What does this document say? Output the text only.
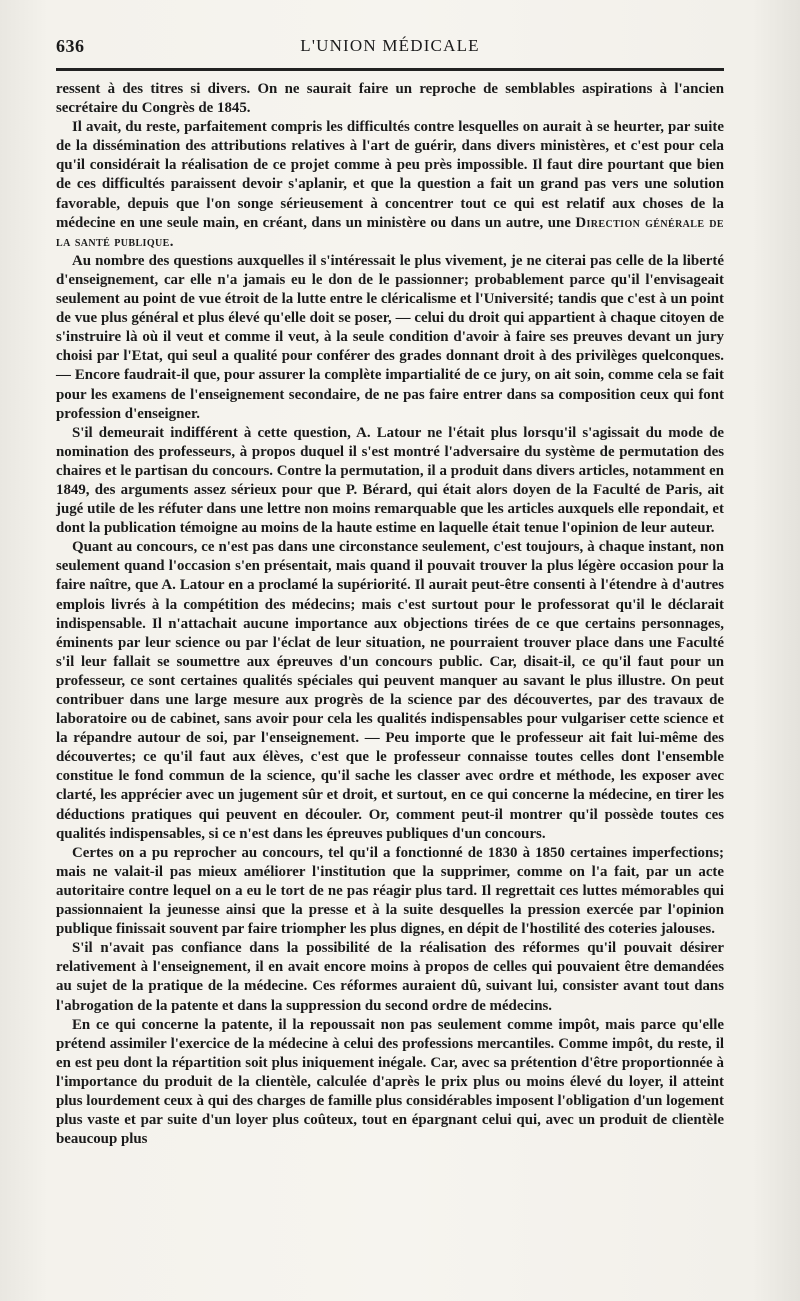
636	L'UNION MÉDICALE

ressent à des titres si divers. On ne saurait faire un reproche de semblables aspirations à l'ancien secrétaire du Congrès de 1845.

Il avait, du reste, parfaitement compris les difficultés contre lesquelles on aurait à se heurter, par suite de la dissémination des attributions relatives à l'art de guérir, dans divers ministères, et c'est pour cela qu'il considérait la réalisation de ce projet comme à peu près impossible. Il faut dire pourtant que bien de ces difficultés paraissent devoir s'aplanir, et que la question a fait un grand pas vers une solution favorable, depuis que l'on songe sérieusement à concentrer tout ce qui est relatif aux choses de la médecine en une seule main, en créant, dans un ministère ou dans un autre, une Direction générale de la santé publique.

Au nombre des questions auxquelles il s'intéressait le plus vivement, je ne citerai pas celle de la liberté d'enseignement, car elle n'a jamais eu le don de le passionner; probablement parce qu'il l'envisageait seulement au point de vue étroit de la lutte entre le cléricalisme et l'Université; tandis que c'est à un point de vue plus général et plus élevé qu'elle doit se poser, — celui du droit qui appartient à chaque citoyen de s'instruire là où il veut et comme il veut, à la seule condition d'avoir à faire ses preuves devant un jury choisi par l'Etat, qui seul a qualité pour conférer des grades donnant droit à des privilèges quelconques. — Encore faudrait-il que, pour assurer la complète impartialité de ce jury, on ait soin, comme cela se fait pour les examens de l'enseignement secondaire, de ne pas faire entrer dans sa composition ceux qui font profession d'enseigner.

S'il demeurait indifférent à cette question, A. Latour ne l'était plus lorsqu'il s'agissait du mode de nomination des professeurs, à propos duquel il s'est montré l'adversaire du système de permutation des chaires et le partisan du concours. Contre la permutation, il a produit dans divers articles, notamment en 1849, des arguments assez sérieux pour que P. Bérard, qui était alors doyen de la Faculté de Paris, ait jugé utile de les réfuter dans une lettre non moins remarquable que les articles auxquels elle repondait, et dont la publication témoigne au moins de la haute estime en laquelle était tenue l'opinion de leur auteur.

Quant au concours, ce n'est pas dans une circonstance seulement, c'est toujours, à chaque instant, non seulement quand l'occasion s'en présentait, mais quand il pouvait trouver la plus légère occasion pour la faire naître, que A. Latour en a proclamé la supériorité. Il aurait peut-être consenti à l'étendre à d'autres emplois livrés à la compétition des médecins; mais c'est surtout pour le professorat qu'il le déclarait indispensable. Il n'attachait aucune importance aux objections tirées de ce que certains personnages, éminents par leur science ou par l'éclat de leur situation, ne pourraient trouver place dans une Faculté s'il leur fallait se soumettre aux épreuves d'un concours public. Car, disait-il, ce qu'il faut pour un professeur, ce sont certaines qualités spéciales qui peuvent manquer au savant le plus illustre. On peut contribuer dans une large mesure aux progrès de la science par des découvertes, par des travaux de laboratoire ou de cabinet, sans avoir pour cela les qualités indispensables pour vulgariser cette science et la répandre autour de soi, par l'enseignement. — Peu importe que le professeur ait fait lui-même des découvertes; ce qu'il faut aux élèves, c'est que le professeur connaisse toutes celles dont l'ensemble constitue le fond commun de la science, qu'il sache les classer avec ordre et méthode, les exposer avec clarté, les apprécier avec un jugement sûr et droit, et surtout, en ce qui concerne la médecine, en tirer les déductions pratiques qui peuvent en découler. Or, comment peut-il montrer qu'il possède toutes ces qualités indispensables, si ce n'est dans les épreuves publiques d'un concours.

Certes on a pu reprocher au concours, tel qu'il a fonctionné de 1830 à 1850 certaines imperfections; mais ne valait-il pas mieux améliorer l'institution que la supprimer, comme on l'a fait, par un acte autoritaire contre lequel on a eu le tort de ne pas réagir plus tard. Il regrettait ces luttes mémorables qui passionnaient la jeunesse ainsi que la presse et à la suite desquelles la pression exercée par l'opinion publique finissait souvent par faire triompher les plus dignes, en dépit de l'hostilité des coteries jalouses.

S'il n'avait pas confiance dans la possibilité de la réalisation des réformes qu'il pouvait désirer relativement à l'enseignement, il en avait encore moins à propos de celles qui pouvaient être demandées au sujet de la pratique de la médecine. Ces réformes auraient dû, suivant lui, consister avant tout dans l'abrogation de la patente et dans la suppression du second ordre de médecins.

En ce qui concerne la patente, il la repoussait non pas seulement comme impôt, mais parce qu'elle prétend assimiler l'exercice de la médecine à celui des professions mercantiles. Comme impôt, du reste, il en est peu dont la répartition soit plus iniquement inégale. Car, avec sa prétention d'être proportionnée à l'importance du produit de la clientèle, calculée d'après le prix plus ou moins élevé du loyer, il atteint plus lourdement ceux à qui des charges de famille plus considérables imposent l'obligation d'un logement plus vaste et par suite d'un loyer plus coûteux, tout en épargnant celui qui, avec un produit de clientèle beaucoup plus
